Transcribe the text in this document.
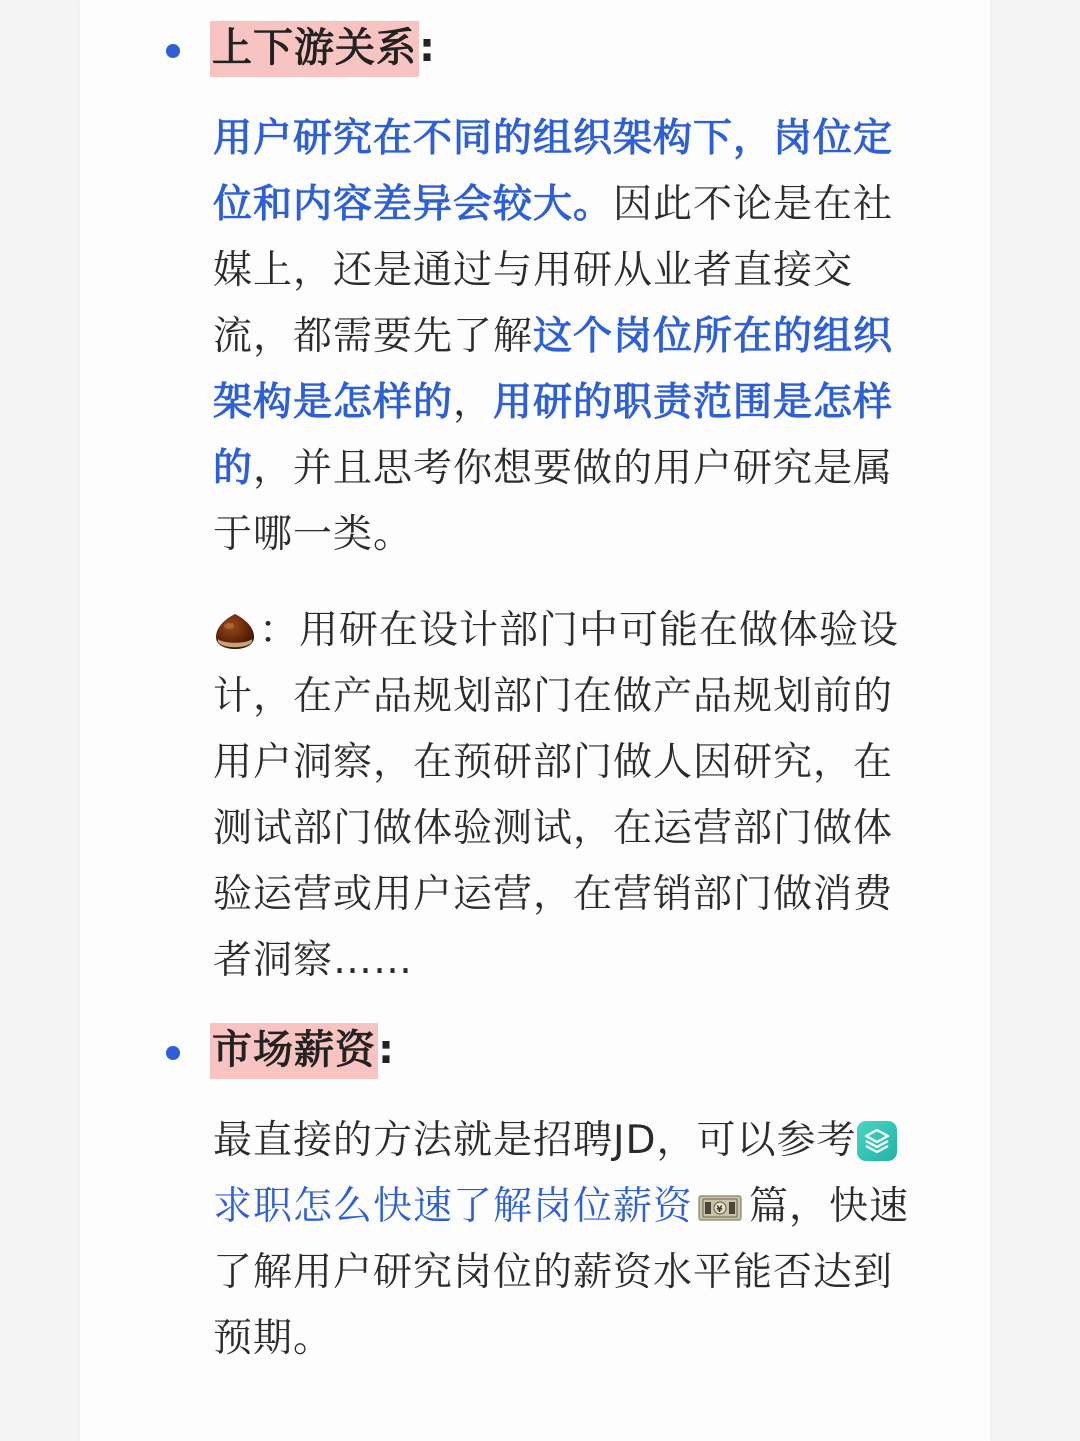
上下游关系:
用户研究在不同的组织架构下，岗位定位和内容差异会较大。因此不论是在社媒上，还是通过与用研从业者直接交流，都需要先了解这个岗位所在的组织架构是怎样的，用研的职责范围是怎样的，并且思考你想要做的用户研究是属于哪一类。
：用研在设计部门中可能在做体验设计，在产品规划部门在做产品规划前的用户洞察，在预研部门做人因研究，在测试部门做体验测试，在运营部门做体验运营或用户运营，在营销部门做消费者洞察……
市场薪资:
最直接的方法就是招聘JD，可以参考
求职怎么快速了解岗位薪资	¥ 篇，快速了解用户研究岗位的薪资水平能否达到预期。
